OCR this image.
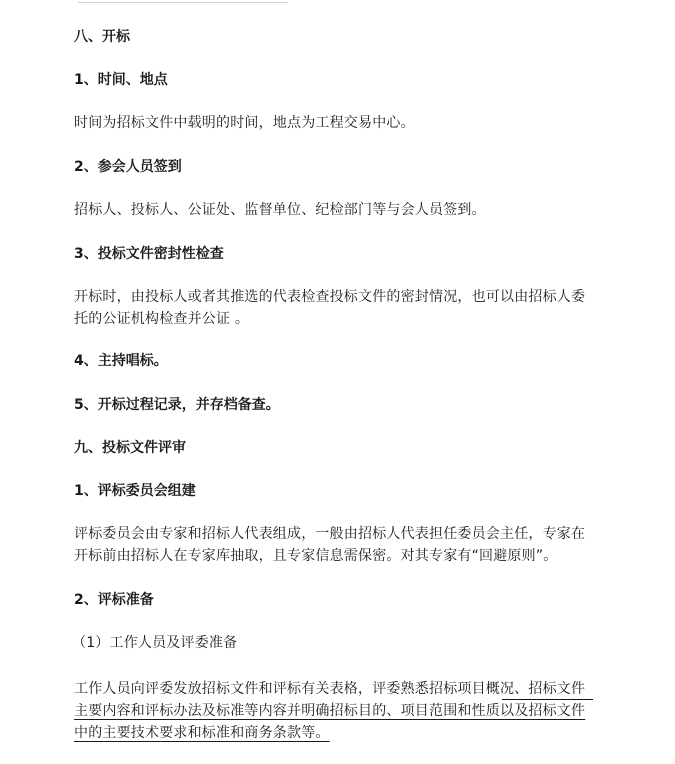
八、开标
1、时间、地点
时间为招标文件中载明的时间，地点为工程交易中心。
2、参会人员签到
招标人、投标人、公证处、监督单位、纪检部门等与会人员签到。
3、投标文件密封性检查
开标时，由投标人或者其推选的代表检查投标文件的密封情况，也可以由招标人委
托的公证机构检查并公证 。
4、主持唱标。
5、开标过程记录，并存档备查。
九、投标文件评审
1、评标委员会组建
评标委员会由专家和招标人代表组成，一般由招标人代表担任委员会主任，专家在
开标前由招标人在专家库抽取，且专家信息需保密。对其专家有“回避原则”。
2、评标准备
（1）工作人员及评委准备
工作人员向评委发放招标文件和评标有关表格，评委熟悉招标项目概况、招标文件
主要内容和评标办法及标准等内容并明确招标目的、项目范围和性质以及招标文件
中的主要技术要求和标准和商务条款等。
